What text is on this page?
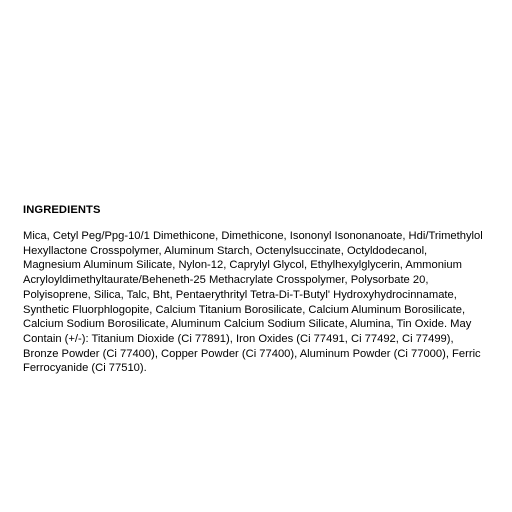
INGREDIENTS
Mica, Cetyl Peg/Ppg-10/1 Dimethicone, Dimethicone, Isononyl Isononanoate, Hdi/Trimethylol
Hexyllactone Crosspolymer, Aluminum Starch, Octenylsuccinate, Octyldodecanol,
Magnesium Aluminum Silicate, Nylon-12, Caprylyl Glycol, Ethylhexylglycerin, Ammonium
Acryloyldimethyltaurate/Beheneth-25 Methacrylate Crosspolymer, Polysorbate 20,
Polyisoprene, Silica, Talc, Bht, Pentaerythrityl Tetra-Di-T-Butyl' Hydroxyhydrocinnamate,
Synthetic Fluorphlogopite, Calcium Titanium Borosilicate, Calcium Aluminum Borosilicate,
Calcium Sodium Borosilicate, Aluminum Calcium Sodium Silicate, Alumina, Tin Oxide. May
Contain (+/-): Titanium Dioxide (Ci 77891), Iron Oxides (Ci 77491, Ci 77492, Ci 77499),
Bronze Powder (Ci 77400), Copper Powder (Ci 77400), Aluminum Powder (Ci 77000), Ferric
Ferrocyanide (Ci 77510).
